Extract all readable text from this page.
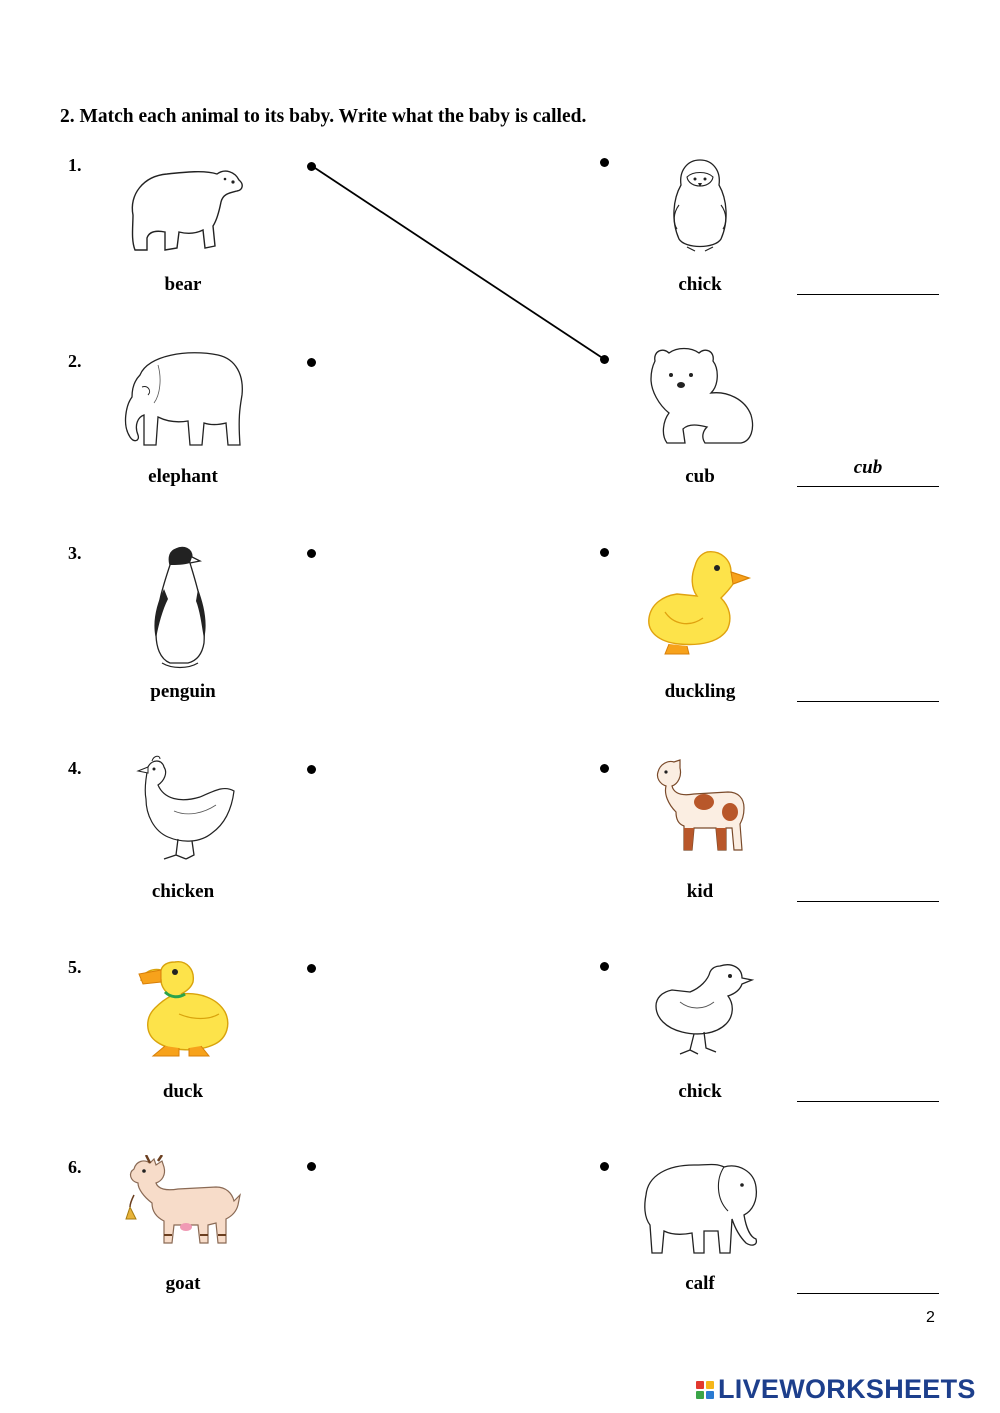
2. Match each animal to its baby. Write what the baby is called.
1.
bear	chick
2.
elephant	cub	cub
3.
penguin	duckling
4.
chicken	kid
5.
duck	chick
6.
goat	calf
2
LIVEWORKSHEETS
